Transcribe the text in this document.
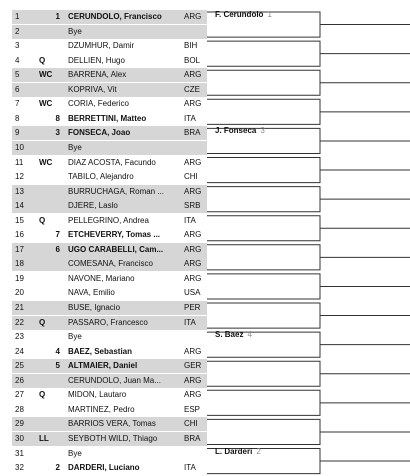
1	1 CERUNDOLO, Francisco	ARG
2	Bye
3	DZUMHUR, Damir	BIH
4	Q	DELLIEN, Hugo	BOL
5	WC	BARRENA, Alex	ARG
6	KOPRIVA, Vit	CZE
7	WC	CORIA, Federico	ARG
8	8 BERRETTINI, Matteo	ITA
9	3 FONSECA, Joao	BRA
10	Bye
11	WC	DIAZ ACOSTA, Facundo	ARG
12	TABILO, Alejandro	CHI
13	BURRUCHAGA, Roman ...	ARG
14	DJERE, Laslo	SRB
15	Q	PELLEGRINO, Andrea	ITA
16	7 ETCHEVERRY, Tomas ...	ARG
17	6 UGO CARABELLI, Cam...	ARG
18	COMESANA, Francisco	ARG
19	NAVONE, Mariano	ARG
20	NAVA, Emilio	USA
21	BUSE, Ignacio	PER
22	Q	PASSARO, Francesco	ITA
23	Bye
24	4 BAEZ, Sebastian	ARG
25	5 ALTMAIER, Daniel	GER
26	CERUNDOLO, Juan Ma...	ARG
27	Q	MIDON, Lautaro	ARG
28	MARTINEZ, Pedro	ESP
29	BARRIOS VERA, Tomas	CHI
30	LL	SEYBOTH WILD, Thiago	BRA
31	Bye
32	2 DARDERI, Luciano	ITA
F. Cerundolo 1
J. Fonseca 3
S. Baez 4
L. Darderi 2
